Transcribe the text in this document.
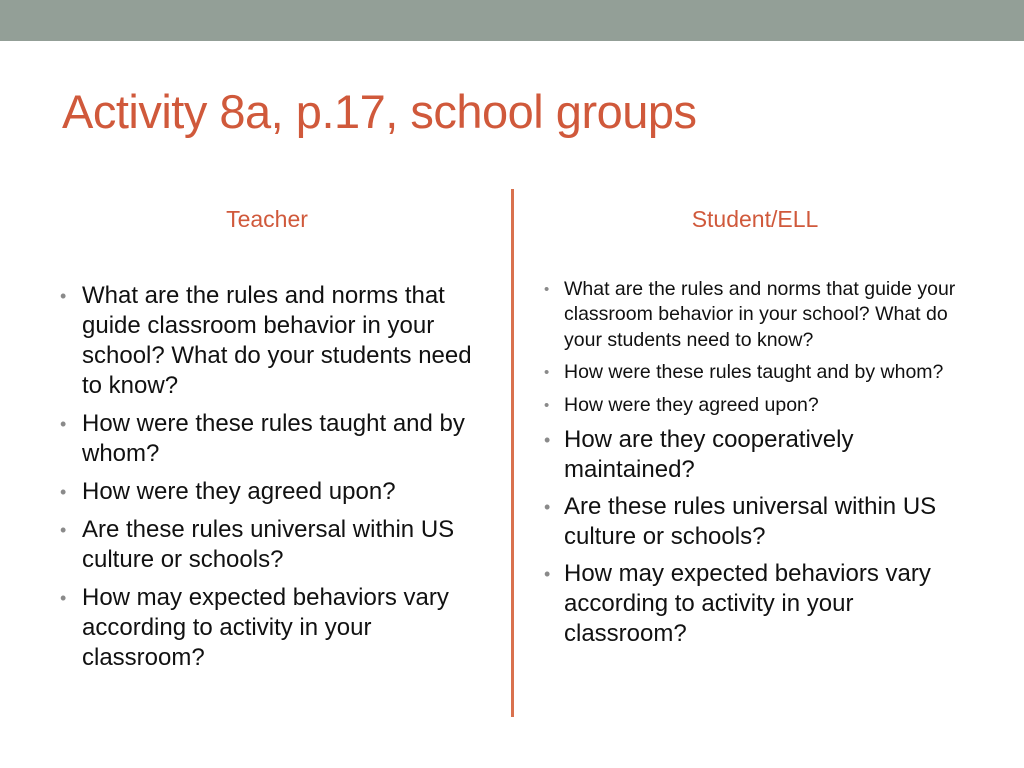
Activity 8a, p.17, school groups
Teacher
• What are the rules and norms that guide classroom behavior in your school? What do your students need to know?
• How were these rules taught and by whom?
• How were they agreed upon?
• Are these rules universal within US culture or schools?
• How may expected behaviors vary according to activity in your classroom?
Student/ELL
• What are the rules and norms that guide your  classroom behavior in your school? What do your students need to know?
• How were these rules taught and by whom?
• How were they agreed upon?
• How are they cooperatively maintained?
• Are these rules universal within US culture or schools?
• How may expected behaviors vary according to activity in your classroom?
